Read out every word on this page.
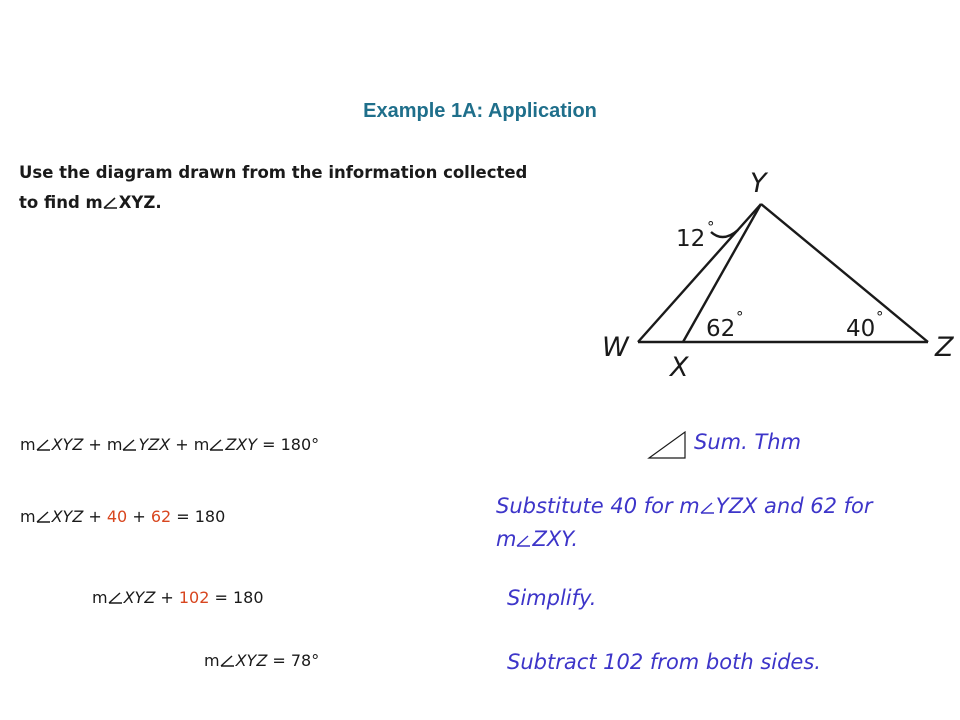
Example 1A: Application
Use the diagram drawn from the information collected
to find m XYZ.
Y
W
X
Z
12 °
62 °	40 °
m XYZ + m YZX + m ZXY = 180°	Sum. Thm
m XYZ + 40 + 62 = 180	Substitute 40 for m YZX and 62 for
m ZXY.
m XYZ + 102 = 180	Simplify.
m XYZ = 78°	Subtract 102 from both sides.
